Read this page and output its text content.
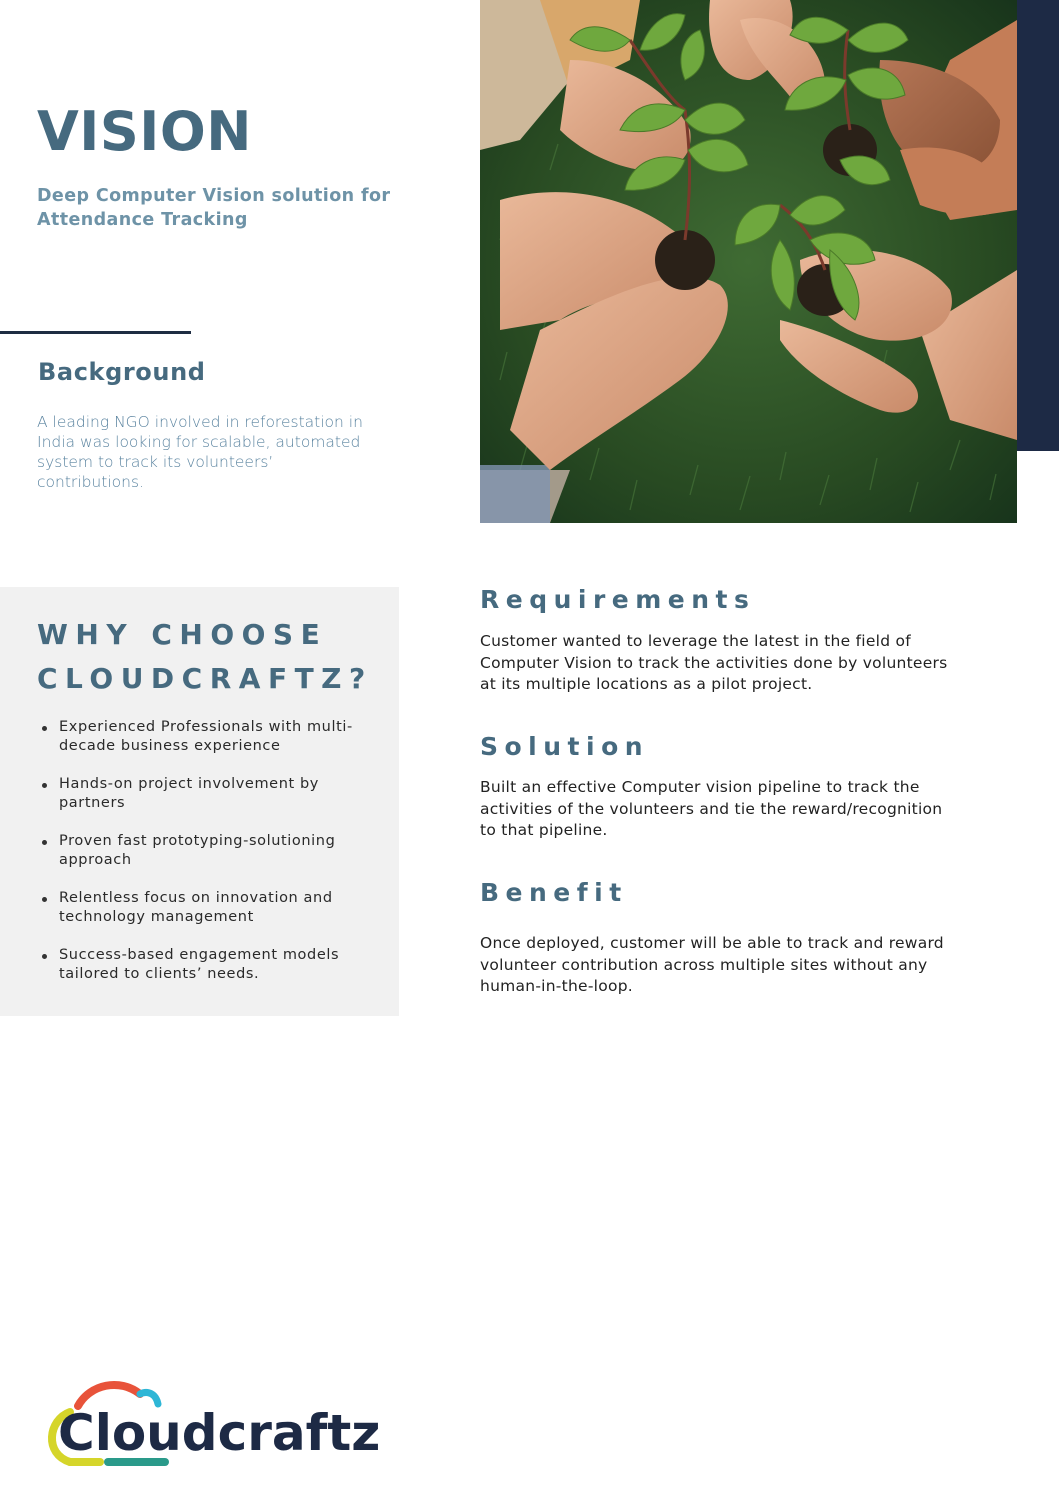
VISION

Deep Computer Vision solution for Attendance Tracking

Background

A leading NGO involved in reforestation in India was looking for scalable, automated system to track its volunteers’ contributions.

WHY CHOOSE
CLOUDCRAFTZ?
Experienced Professionals with multi-decade business experience
Hands-on project involvement by partners
Proven fast prototyping-solutioning approach
Relentless focus on innovation and technology management
Success-based engagement models tailored to clients’ needs.
Requirements

Customer wanted to leverage the latest in the field of Computer Vision to track the activities done by volunteers at its multiple locations as a pilot project.

Solution

Built an effective Computer vision pipeline to track the activities of the volunteers and tie the reward/recognition to that pipeline.

Benefit

Once deployed, customer will be able to track and reward volunteer contribution across multiple sites without any human-in-the-loop.

Cloudcraftz
